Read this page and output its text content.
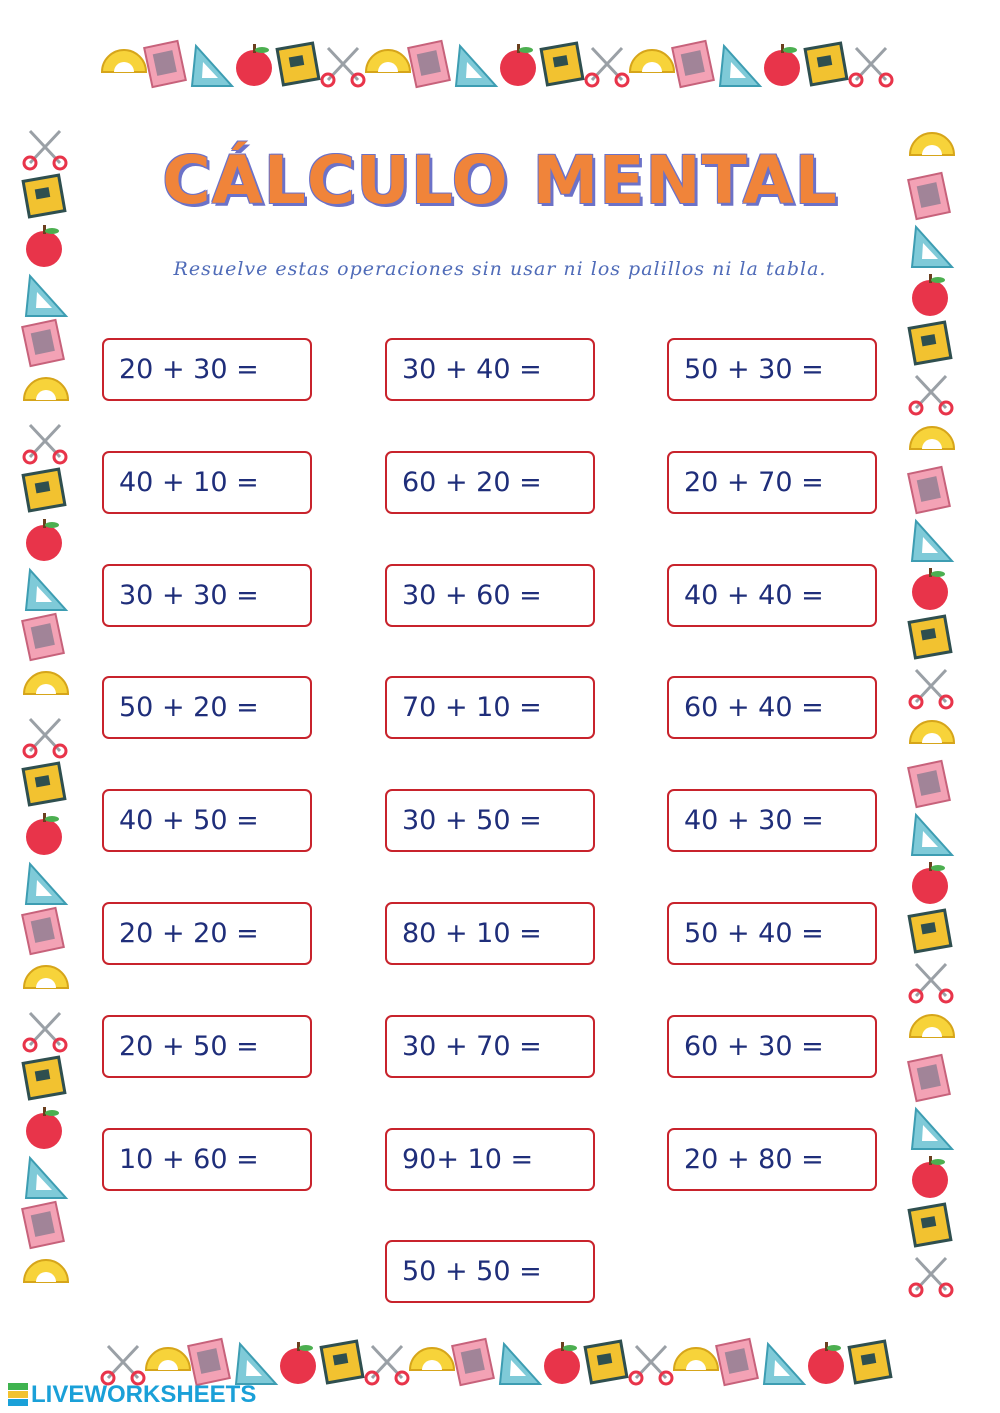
CÁLCULO MENTAL
Resuelve estas operaciones sin usar ni los palillos ni la tabla.
20 + 30 =	30 + 40 =	50 + 30 =
40 + 10 =	60 + 20 =	20 + 70 =
30 + 30 =	30 + 60 =	40 + 40 =
50 + 20 =	70 + 10 =	60 + 40 =
40 + 50 =	30 + 50 =	40 + 30 =
20 + 20 =	80 + 10 =	50 + 40 =
20 + 50 =	30 + 70 =	60 + 30 =
10 + 60 =	90+ 10 =	20 + 80 =
50 + 50 =
LIVEWORKSHEETS
